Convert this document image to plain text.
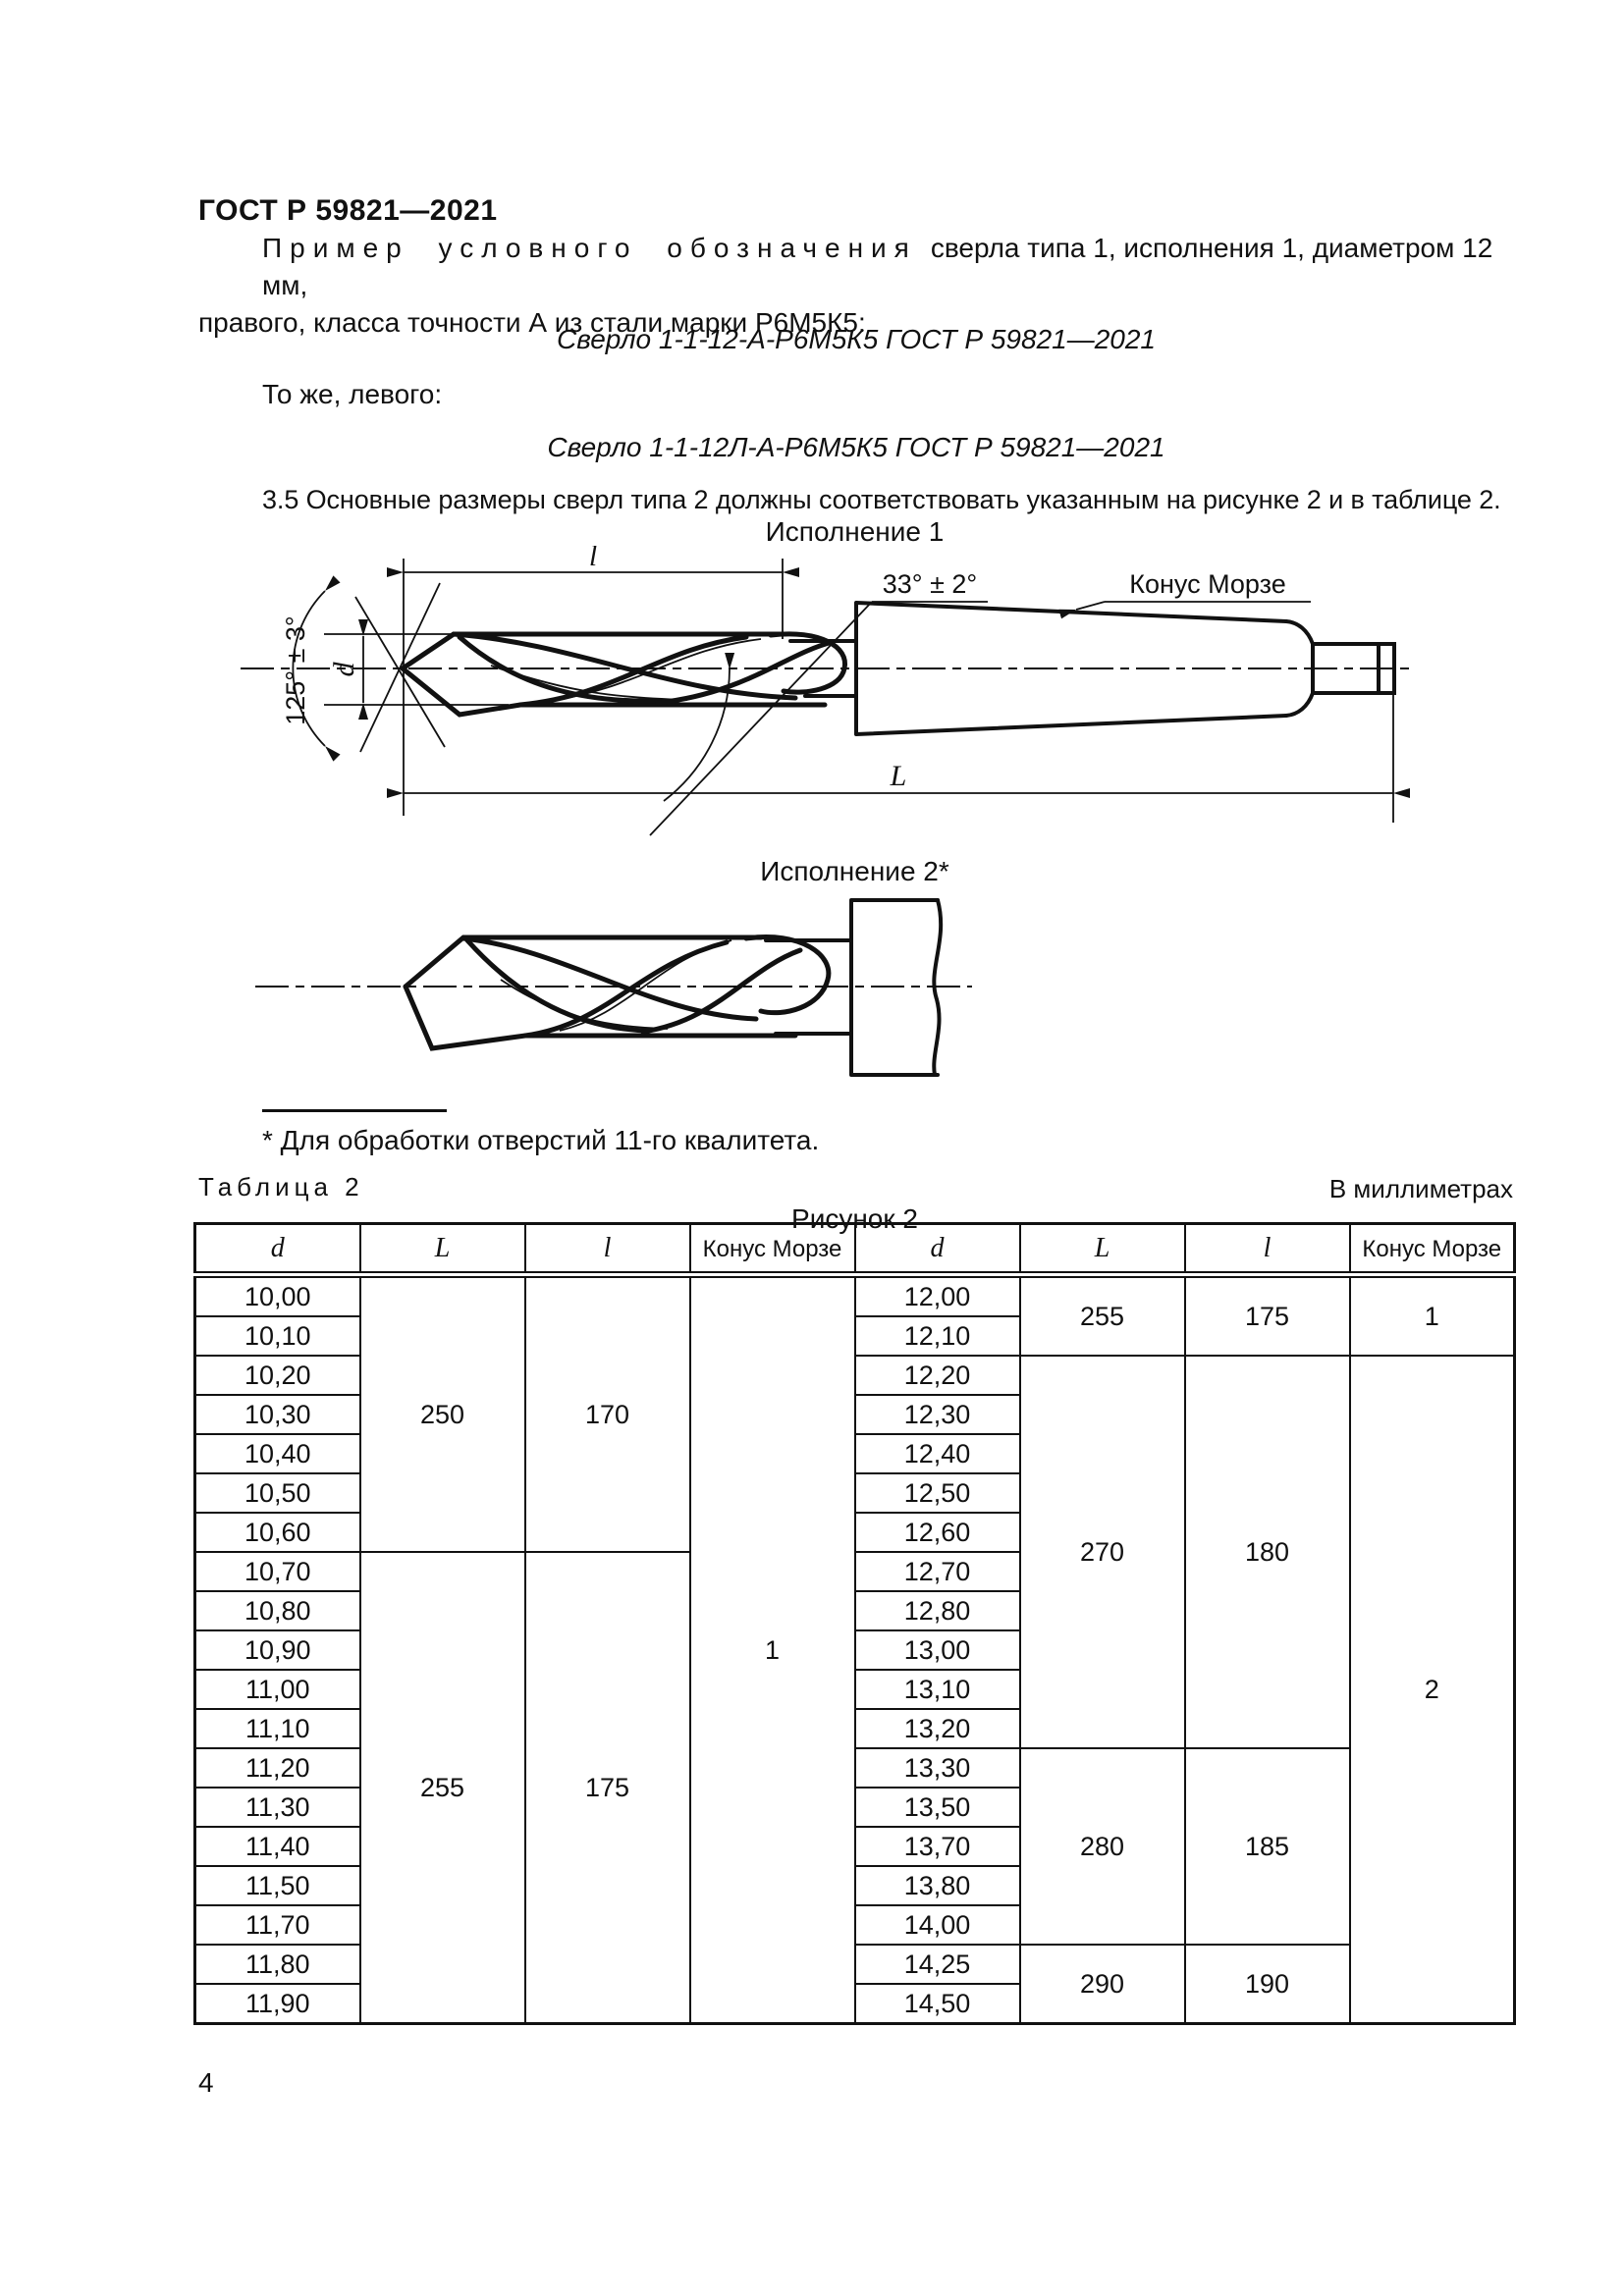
ГОСТ Р 59821—2021
Пример условного обозначения сверла типа 1, исполнения 1, диаметром 12 мм,
правого, класса точности А из стали марки Р6М5К5:
Сверло 1-1-12-А-Р6М5К5 ГОСТ Р 59821—2021
То же, левого:
Сверло 1-1-12Л-А-Р6М5К5 ГОСТ Р 59821—2021
3.5 Основные размеры сверл типа 2 должны соответствовать указанным на рисунке 2 и в таблице 2.
Исполнение 1
125° ± 3° d
l
33° ± 2°	Конус Морзе
L
Исполнение 2*
* Для обработки отверстий 11-го квалитета.
Рисунок 2
Таблица 2	В миллиметрах
d	L	l	Конус Морзе	d	L	l	Конус Морзе
10,00	250	170	1	12,00	255	175	1
10,10				12,10			
10,20				12,20	270	180	2
10,30				12,30			
10,40				12,40			
10,50				12,50			
10,60				12,60			
10,70	255	175		12,70			
10,80				12,80			
10,90				13,00			
11,00				13,10			
11,10				13,20			
11,20				13,30	280	185	
11,30				13,50			
11,40				13,70			
11,50				13,80			
11,70				14,00			
11,80				14,25	290	190	
11,90				14,50			
4
